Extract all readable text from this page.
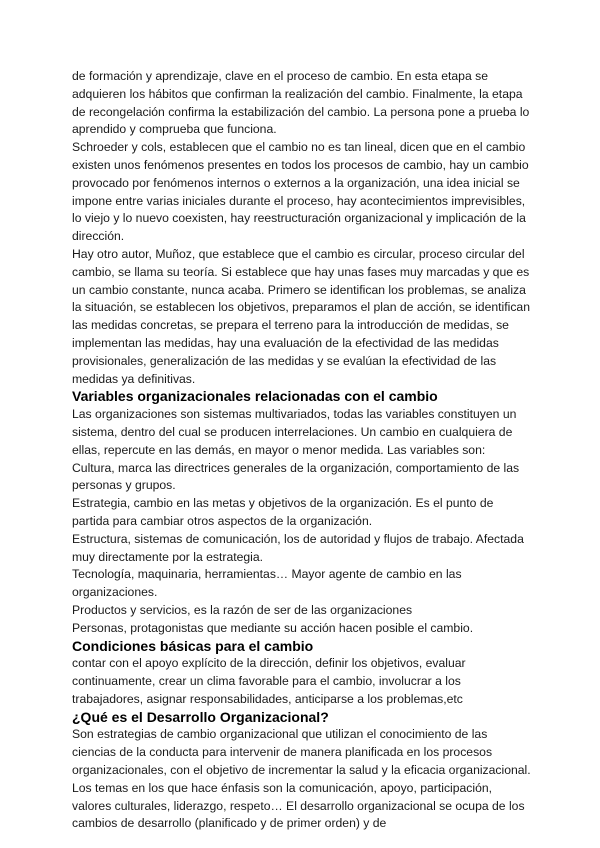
de formación y aprendizaje, clave en el proceso de cambio. En esta etapa se adquieren los hábitos que confirman la realización del cambio. Finalmente, la etapa de recongelación confirma la estabilización del cambio. La persona pone a prueba lo aprendido y comprueba que funciona.

Schroeder y cols, establecen que el cambio no es tan lineal, dicen que en el cambio existen unos fenómenos presentes en todos los procesos de cambio, hay un cambio provocado por fenómenos internos o externos a la organización, una idea inicial se impone entre varias iniciales durante el proceso, hay acontecimientos imprevisibles, lo viejo y lo nuevo coexisten, hay reestructuración organizacional y implicación de la dirección.

Hay otro autor, Muñoz, que establece que el cambio es circular, proceso circular del cambio, se llama su teoría. Si establece que hay unas fases muy marcadas y que es un cambio constante, nunca acaba. Primero se identifican los problemas, se analiza la situación, se establecen los objetivos, preparamos el plan de acción, se identifican las medidas concretas, se prepara el terreno para la introducción de medidas, se implementan las medidas, hay una evaluación de la efectividad de las medidas provisionales, generalización de las medidas y se evalúan la efectividad de las medidas ya definitivas.

Variables organizacionales relacionadas con el cambio

Las organizaciones son sistemas multivariados, todas las variables constituyen un sistema, dentro del cual se producen interrelaciones. Un cambio en cualquiera de ellas, repercute en las demás, en mayor o menor medida. Las variables son:

Cultura, marca las directrices generales de la organización, comportamiento de las personas y grupos.

Estrategia, cambio en las metas y objetivos de la organización. Es el punto de partida para cambiar otros aspectos de la organización.

Estructura, sistemas de comunicación, los de autoridad y flujos de trabajo. Afectada muy directamente por la estrategia.

Tecnología, maquinaria, herramientas… Mayor agente de cambio en las organizaciones.

Productos y servicios, es la razón de ser de las organizaciones

Personas, protagonistas que mediante su acción hacen posible el cambio.

Condiciones básicas para el cambio

contar con el apoyo explícito de la dirección, definir los objetivos, evaluar continuamente, crear un clima favorable para el cambio, involucrar a los trabajadores, asignar responsabilidades, anticiparse a los problemas,etc

¿Qué es el Desarrollo Organizacional?

Son estrategias de cambio organizacional que utilizan el conocimiento de las ciencias de la conducta para intervenir de manera planificada en los procesos organizacionales, con el objetivo de incrementar la salud y la eficacia organizacional. Los temas en los que hace énfasis son la comunicación, apoyo, participación, valores culturales, liderazgo, respeto… El desarrollo organizacional se ocupa de los cambios de desarrollo (planificado y de primer orden) y de
